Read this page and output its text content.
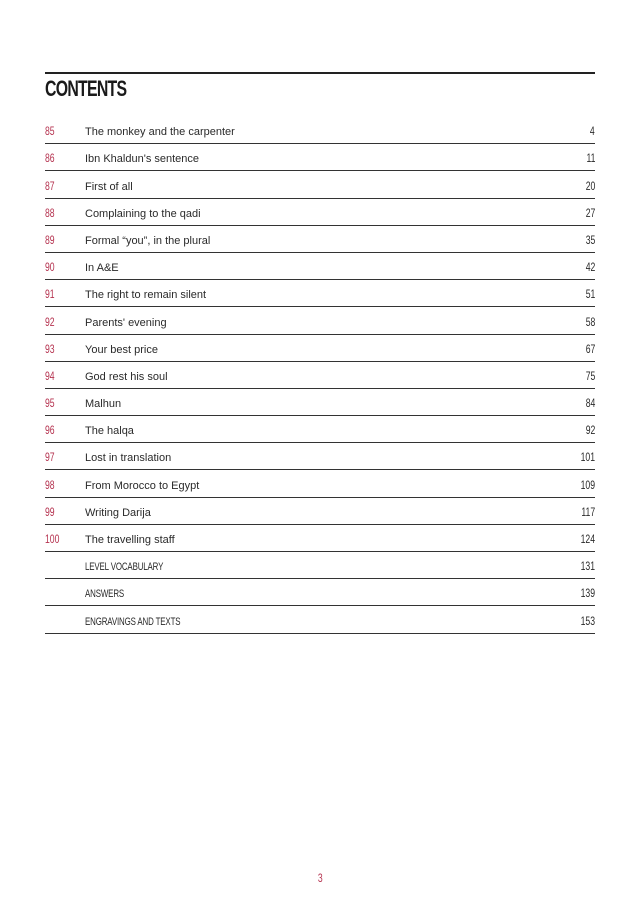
CONTENTS
85	The monkey and the carpenter	4
86	Ibn Khaldun's sentence	11
87	First of all	20
88	Complaining to the qadi	27
89	Formal “you”, in the plural	35
90	In A&E	42
91	The right to remain silent	51
92	Parents' evening	58
93	Your best price	67
94	God rest his soul	75
95	Malhun	84
96	The halqa	92
97	Lost in translation	101
98	From Morocco to Egypt	109
99	Writing Darija	117
100 The travelling staff	124
LEVEL VOCABULARY	131
ANSWERS	139
ENGRAVINGS AND TEXTS	153
3
